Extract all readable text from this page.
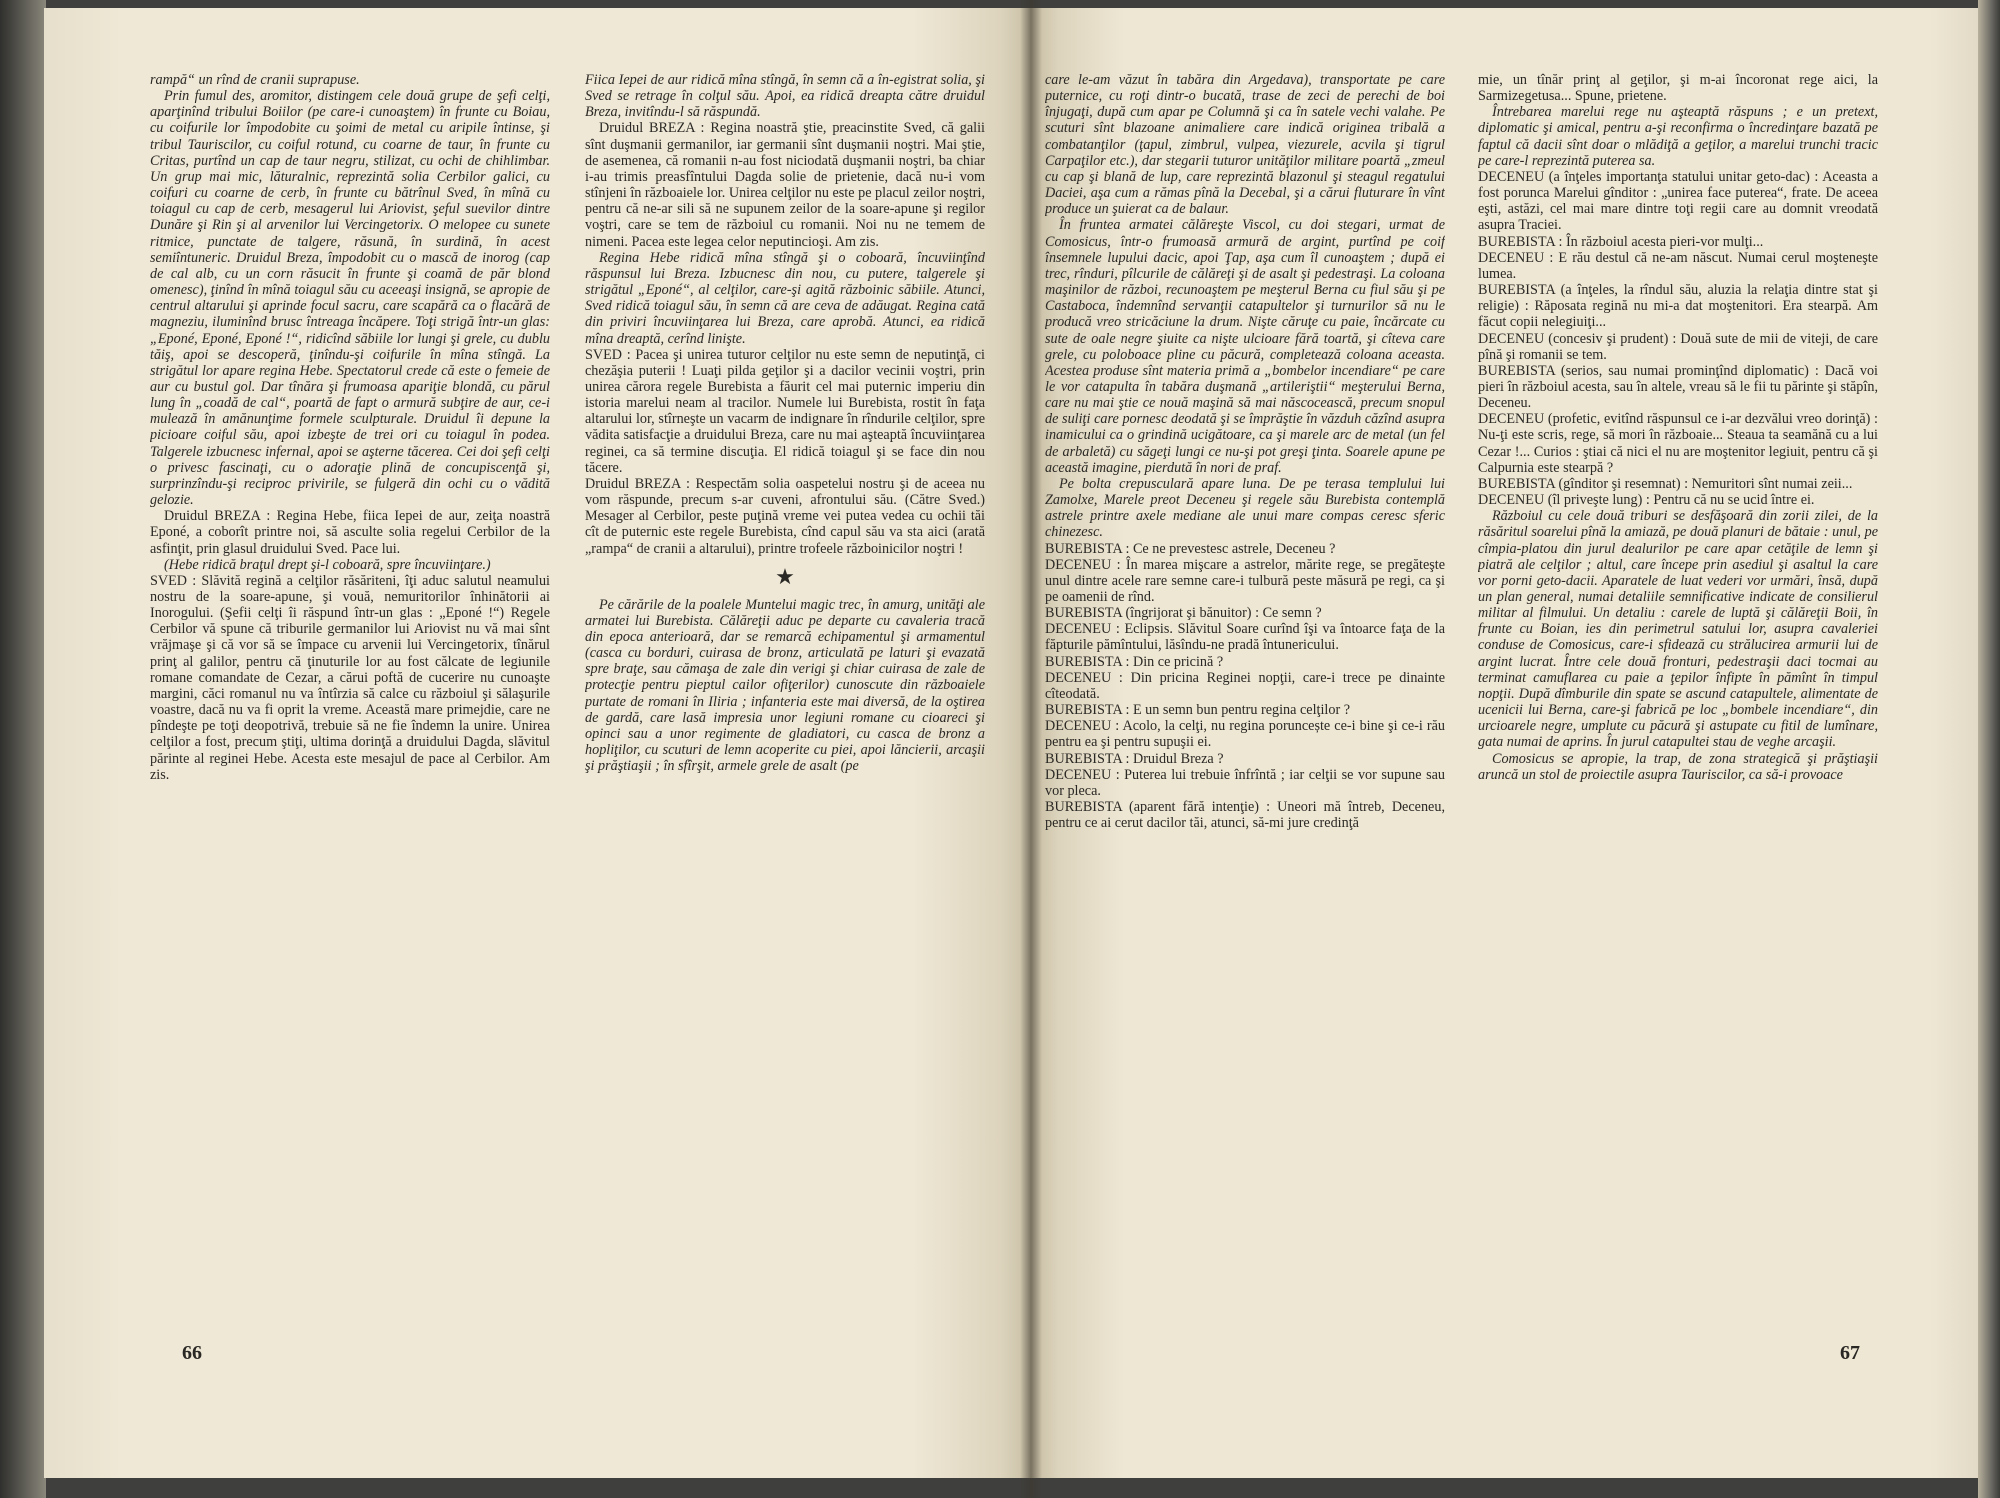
rampă“ un rînd de cranii suprapuse.

Prin fumul des, aromitor, distingem cele două grupe de şefi celţi, aparţinînd tribului Boiilor (pe care-i cunoaştem) în frunte cu Boiau, cu coifurile lor împodobite cu şoimi de metal cu aripile întinse, şi tribul Tauriscilor, cu coiful rotund, cu coarne de taur, în frunte cu Critas, purtînd un cap de taur negru, stilizat, cu ochi de chihlimbar. Un grup mai mic, lăturalnic, reprezintă solia Cerbilor galici, cu coifuri cu coarne de cerb, în frunte cu bătrînul Sved, în mînă cu toiagul cu cap de cerb, mesagerul lui Ariovist, şeful suevilor dintre Dunăre şi Rin şi al arvenilor lui Vercingetorix. O melopee cu sunete ritmice, punctate de talgere, răsună, în surdină, în acest semiîntuneric. Druidul Breza, împodobit cu o mască de inorog (cap de cal alb, cu un corn răsucit în frunte şi coamă de păr blond omenesc), ţinînd în mînă toiagul său cu aceeaşi insignă, se apropie de centrul altarului şi aprinde focul sacru, care scapără ca o flacără de magneziu, iluminînd brusc întreaga încăpere. Toţi strigă într-un glas: „Eponé, Eponé, Eponé !“, ridicînd săbiile lor lungi şi grele, cu dublu tăiş, apoi se descoperă, ţinîndu-şi coifurile în mîna stîngă. La strigătul lor apare regina Hebe. Spectatorul crede că este o femeie de aur cu bustul gol. Dar tînăra şi frumoasa apariţie blondă, cu părul lung în „coadă de cal“, poartă de fapt o armură subţire de aur, ce-i mulează în amănunţime formele sculpturale. Druidul îi depune la picioare coiful său, apoi izbeşte de trei ori cu toiagul în podea. Talgerele izbucnesc infernal, apoi se aşterne tăcerea. Cei doi şefi celţi o privesc fascinaţi, cu o adoraţie plină de concupiscenţă şi, surprinzîndu-şi reciproc privirile, se fulgeră din ochi cu o vădită gelozie.

Druidul BREZA : Regina Hebe, fiica Iepei de aur, zeiţa noastră Eponé, a coborît printre noi, să asculte solia regelui Cerbilor de la asfinţit, prin glasul druidului Sved. Pace lui.

(Hebe ridică braţul drept şi-l coboară, spre încuviinţare.)

SVED : Slăvită regină a celţilor răsăriteni, îţi aduc salutul neamului nostru de la soare-apune, şi vouă, nemuritorilor înhinătorii ai Inorogului. (Şefii celţi îi răspund într-un glas : „Eponé !“) Regele Cerbilor vă spune că triburile germanilor lui Ariovist nu vă mai sînt vrăjmaşe şi că vor să se împace cu arvenii lui Vercingetorix, tînărul prinţ al galilor, pentru că ţinuturile lor au fost călcate de legiunile romane comandate de Cezar, a cărui poftă de cucerire nu cunoaşte margini, căci romanul nu va întîrzia să calce cu războiul şi sălaşurile voastre, dacă nu va fi oprit la vreme. Această mare primejdie, care ne pîndeşte pe toţi deopotrivă, trebuie să ne fie îndemn la unire. Unirea celţilor a fost, precum ştiţi, ultima dorinţă a druidului Dagda, slăvitul părinte al reginei Hebe. Acesta este mesajul de pace al Cerbilor. Am zis.

Fiica Iepei de aur ridică mîna stîngă, în semn că a în-egistrat solia, şi Sved se retrage în colţul său. Apoi, ea ridică dreapta către druidul Breza, invitîndu-l să răspundă.

Druidul BREZA : Regina noastră ştie, preacinstite Sved, că galii sînt duşmanii germanilor, iar germanii sînt duşmanii noştri. Mai ştie, de asemenea, că romanii n-au fost niciodată duşmanii noştri, ba chiar i-au trimis preasfîntului Dagda solie de prietenie, dacă nu-i vom stînjeni în războaiele lor. Unirea celţilor nu este pe placul zeilor noştri, pentru că ne-ar sili să ne supunem zeilor de la soare-apune şi regilor voştri, care se tem de războiul cu romanii. Noi nu ne temem de nimeni. Pacea este legea celor neputincioşi. Am zis.

Regina Hebe ridică mîna stîngă şi o coboară, încuviinţînd răspunsul lui Breza. Izbucnesc din nou, cu putere, talgerele şi strigătul „Eponé“, al celţilor, care-şi agită războinic săbiile. Atunci, Sved ridică toiagul său, în semn că are ceva de adăugat. Regina cată din priviri încuviinţarea lui Breza, care aprobă. Atunci, ea ridică mîna dreaptă, cerînd linişte.

SVED : Pacea şi unirea tuturor celţilor nu este semn de neputinţă, ci chezăşia puterii ! Luaţi pilda geţilor şi a dacilor vecinii voştri, prin unirea cărora regele Burebista a făurit cel mai puternic imperiu din istoria marelui neam al tracilor. Numele lui Burebista, rostit în faţa altarului lor, stîrneşte un vacarm de indignare în rîndurile celţilor, spre vădita satisfacţie a druidului Breza, care nu mai aşteaptă încuviinţarea reginei, ca să termine discuţia. El ridică toiagul şi se face din nou tăcere.

Druidul BREZA : Respectăm solia oaspetelui nostru şi de aceea nu vom răspunde, precum s-ar cuveni, afrontului său. (Către Sved.) Mesager al Cerbilor, peste puţină vreme vei putea vedea cu ochii tăi cît de puternic este regele Burebista, cînd capul său va sta aici (arată „rampa“ de cranii a altarului), printre trofeele războinicilor noştri !

★

Pe cărările de la poalele Muntelui magic trec, în amurg, unităţi ale armatei lui Burebista. Călăreţii aduc pe departe cu cavaleria tracă din epoca anterioară, dar se remarcă echipamentul şi armamentul (casca cu borduri, cuirasa de bronz, articulată pe laturi şi evazată spre braţe, sau cămaşa de zale din verigi şi chiar cuirasa de zale de protecţie pentru pieptul cailor ofiţerilor) cunoscute din războaiele purtate de romani în Iliria ; infanteria este mai diversă, de la oştirea de gardă, care lasă impresia unor legiuni romane cu cioareci şi opinci sau a unor regimente de gladiatori, cu casca de bronz a hopliţilor, cu scuturi de lemn acoperite cu piei, apoi lăncierii, arcaşii şi prăştiaşii ; în sfîrşit, armele grele de asalt (pe

care le-am văzut în tabăra din Argedava), transportate pe care puternice, cu roţi dintr-o bucată, trase de zeci de perechi de boi înjugaţi, după cum apar pe Columnă şi ca în satele vechi valahe. Pe scuturi sînt blazoane animaliere care indică originea tribală a combatanţilor (ţapul, zimbrul, vulpea, viezurele, acvila şi tigrul Carpaţilor etc.), dar stegarii tuturor unităţilor militare poartă „zmeul cu cap şi blană de lup, care reprezintă blazonul şi steagul regatului Daciei, aşa cum a rămas pînă la Decebal, şi a cărui fluturare în vînt produce un şuierat ca de balaur.

În fruntea armatei călăreşte Viscol, cu doi stegari, urmat de Comosicus, într-o frumoasă armură de argint, purtînd pe coif însemnele lupului dacic, apoi Ţap, aşa cum îl cunoaştem ; după ei trec, rînduri, pîlcurile de călăreţi şi de asalt şi pedestraşi. La coloana maşinilor de război, recunoaştem pe meşterul Berna cu fiul său şi pe Castaboca, îndemnînd servanţii catapultelor şi turnurilor să nu le producă vreo stricăciune la drum. Nişte căruţe cu paie, încărcate cu sute de oale negre şiuite ca nişte ulcioare fără toartă, şi cîteva care grele, cu poloboace pline cu păcură, completează coloana aceasta. Acestea produse sînt materia primă a „bombelor incendiare“ pe care le vor catapulta în tabăra duşmană „artileriştii“ meşterului Berna, care nu mai ştie ce nouă maşină să mai născocească, precum snopul de suliţi care pornesc deodată şi se împrăştie în văzduh căzînd asupra inamicului ca o grindină ucigătoare, ca şi marele arc de metal (un fel de arbaletă) cu săgeţi lungi ce nu-şi pot greşi ţinta. Soarele apune pe această imagine, pierdută în nori de praf.

Pe bolta crepusculară apare luna. De pe terasa templului lui Zamolxe, Marele preot Deceneu şi regele său Burebista contemplă astrele printre axele mediane ale unui mare compas ceresc sferic chinezesc.

BUREBISTA : Ce ne prevestesc astrele, Deceneu ?

DECENEU : În marea mişcare a astrelor, mărite rege, se pregăteşte unul dintre acele rare semne care-i tulbură peste măsură pe regi, ca şi pe oamenii de rînd.

BUREBISTA (îngrijorat şi bănuitor) : Ce semn ?

DECENEU : Eclipsis. Slăvitul Soare curînd îşi va întoarce faţa de la făpturile pămîntului, lăsîndu-ne pradă întunericului.

BUREBISTA : Din ce pricină ?

DECENEU : Din pricina Reginei nopţii, care-i trece pe dinainte cîteodată.

BUREBISTA : E un semn bun pentru regina celţilor ?

DECENEU : Acolo, la celţi, nu regina poruncește ce-i bine şi ce-i rău pentru ea şi pentru supuşii ei.

BUREBISTA : Druidul Breza ?

DECENEU : Puterea lui trebuie înfrîntă ; iar celţii se vor supune sau vor pleca.

BUREBISTA (aparent fără intenţie) : Uneori mă întreb, Deceneu, pentru ce ai cerut dacilor tăi, atunci, să-mi jure credinţă

mie, un tînăr prinţ al geţilor, şi m-ai încoronat rege aici, la Sarmizegetusa... Spune, prietene.

Întrebarea marelui rege nu aşteaptă răspuns ; e un pretext, diplomatic şi amical, pentru a-şi reconfirma o încredinţare bazată pe faptul că dacii sînt doar o mlădiţă a geţilor, a marelui trunchi tracic pe care-l reprezintă puterea sa.

DECENEU (a înţeles importanţa statului unitar geto-dac) : Aceasta a fost porunca Marelui gînditor : „unirea face puterea“, frate. De aceea eşti, astăzi, cel mai mare dintre toţi regii care au domnit vreodată asupra Traciei.

BUREBISTA : În războiul acesta pieri-vor mulţi...

DECENEU : E rău destul că ne-am născut. Numai cerul moşteneşte lumea.

BUREBISTA (a înţeles, la rîndul său, aluzia la relaţia dintre stat şi religie) : Răposata regină nu mi-a dat moştenitori. Era stearpă. Am făcut copii nelegiuiţi...

DECENEU (concesiv şi prudent) : Două sute de mii de viteji, de care pînă şi romanii se tem.

BUREBISTA (serios, sau numai prominţînd diplomatic) : Dacă voi pieri în războiul acesta, sau în altele, vreau să le fii tu părinte şi stăpîn, Deceneu.

DECENEU (profetic, evitînd răspunsul ce i-ar dezvălui vreo dorinţă) : Nu-ţi este scris, rege, să mori în războaie... Steaua ta seamănă cu a lui Cezar !... Curios : ştiai că nici el nu are moştenitor legiuit, pentru că şi Calpurnia este stearpă ?

BUREBISTA (gînditor şi resemnat) : Nemuritori sînt numai zeii...

DECENEU (îl priveşte lung) : Pentru că nu se ucid între ei.

Războiul cu cele două triburi se desfăşoară din zorii zilei, de la răsăritul soarelui pînă la amiază, pe două planuri de bătaie : unul, pe cîmpia-platou din jurul dealurilor pe care apar cetăţile de lemn şi piatră ale celţilor ; altul, care începe prin asediul şi asaltul la care vor porni geto-dacii. Aparatele de luat vederi vor urmări, însă, după un plan general, numai detaliile semnificative indicate de consilierul militar al filmului. Un detaliu : carele de luptă şi călăreţii Boii, în frunte cu Boian, ies din perimetrul satului lor, asupra cavaleriei conduse de Comosicus, care-i sfidează cu strălucirea armurii lui de argint lucrat. Între cele două fronturi, pedestraşii daci tocmai au terminat camuflarea cu paie a ţepilor înfipte în pămînt în timpul nopţii. După dîmburile din spate se ascund catapultele, alimentate de ucenicii lui Berna, care-şi fabrică pe loc „bombele incendiare“, din urcioarele negre, umplute cu păcură şi astupate cu fitil de lumînare, gata numai de aprins. În jurul catapultei stau de veghe arcaşii.

Comosicus se apropie, la trap, de zona strategică şi prăştiaşii aruncă un stol de proiectile asupra Tauriscilor, ca să-i provoace

66	67
